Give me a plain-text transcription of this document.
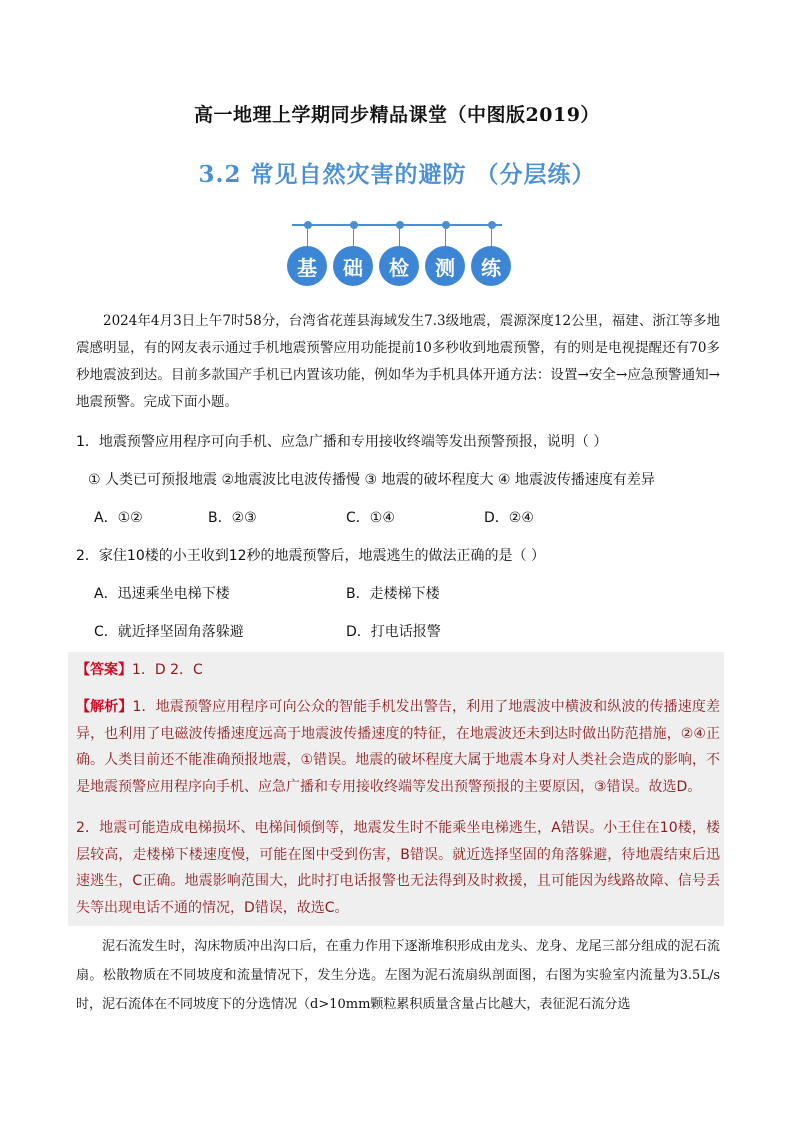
高一地理上学期同步精品课堂（中图版2019）
3.2 常见自然灾害的避防 （分层练）
基	础	检	测	练
2024年4月3日上午7时58分，台湾省花莲县海域发生7.3级地震，震源深度12公里，福建、浙江等多地震感明显，有的网友表示通过手机地震预警应用功能提前10多秒收到地震预警，有的则是电视提醒还有70多秒地震波到达。目前多款国产手机已内置该功能，例如华为手机具体开通方法：设置→安全→应急预警通知→地震预警。完成下面小题。
1．地震预警应用程序可向手机、应急广播和专用接收终端等发出预警预报，说明（ ）
① 人类已可预报地震 ②地震波比电波传播慢 ③ 地震的破坏程度大 ④ 地震波传播速度有差异
A．①②	B．②③	C．①④	D．②④
2．家住10楼的小王收到12秒的地震预警后，地震逃生的做法正确的是（ ）
A．迅速乘坐电梯下楼	B．走楼梯下楼
C．就近择坚固角落躲避	D．打电话报警
【答案】1．D 2．C
【解析】1．地震预警应用程序可向公众的智能手机发出警告，利用了地震波中横波和纵波的传播速度差异，也利用了电磁波传播速度远高于地震波传播速度的特征，在地震波还未到达时做出防范措施，②④正确。人类目前还不能准确预报地震，①错误。地震的破坏程度大属于地震本身对人类社会造成的影响，不是地震预警应用程序向手机、应急广播和专用接收终端等发出预警预报的主要原因，③错误。故选D。
2．地震可能造成电梯损坏、电梯间倾倒等，地震发生时不能乘坐电梯逃生，A错误。小王住在10楼，楼层较高，走楼梯下楼速度慢，可能在图中受到伤害，B错误。就近选择坚固的角落躲避，待地震结束后迅速逃生，C正确。地震影响范围大，此时打电话报警也无法得到及时救援，且可能因为线路故障、信号丢失等出现电话不通的情况，D错误，故选C。
泥石流发生时，沟床物质冲出沟口后，在重力作用下逐渐堆积形成由龙头、龙身、龙尾三部分组成的泥石流扇。松散物质在不同坡度和流量情况下，发生分选。左图为泥石流扇纵剖面图，右图为实验室内流量为3.5L/s时，泥石流体在不同坡度下的分选情况（d>10mm颗粒累积质量含量占比越大，表征泥石流分选
